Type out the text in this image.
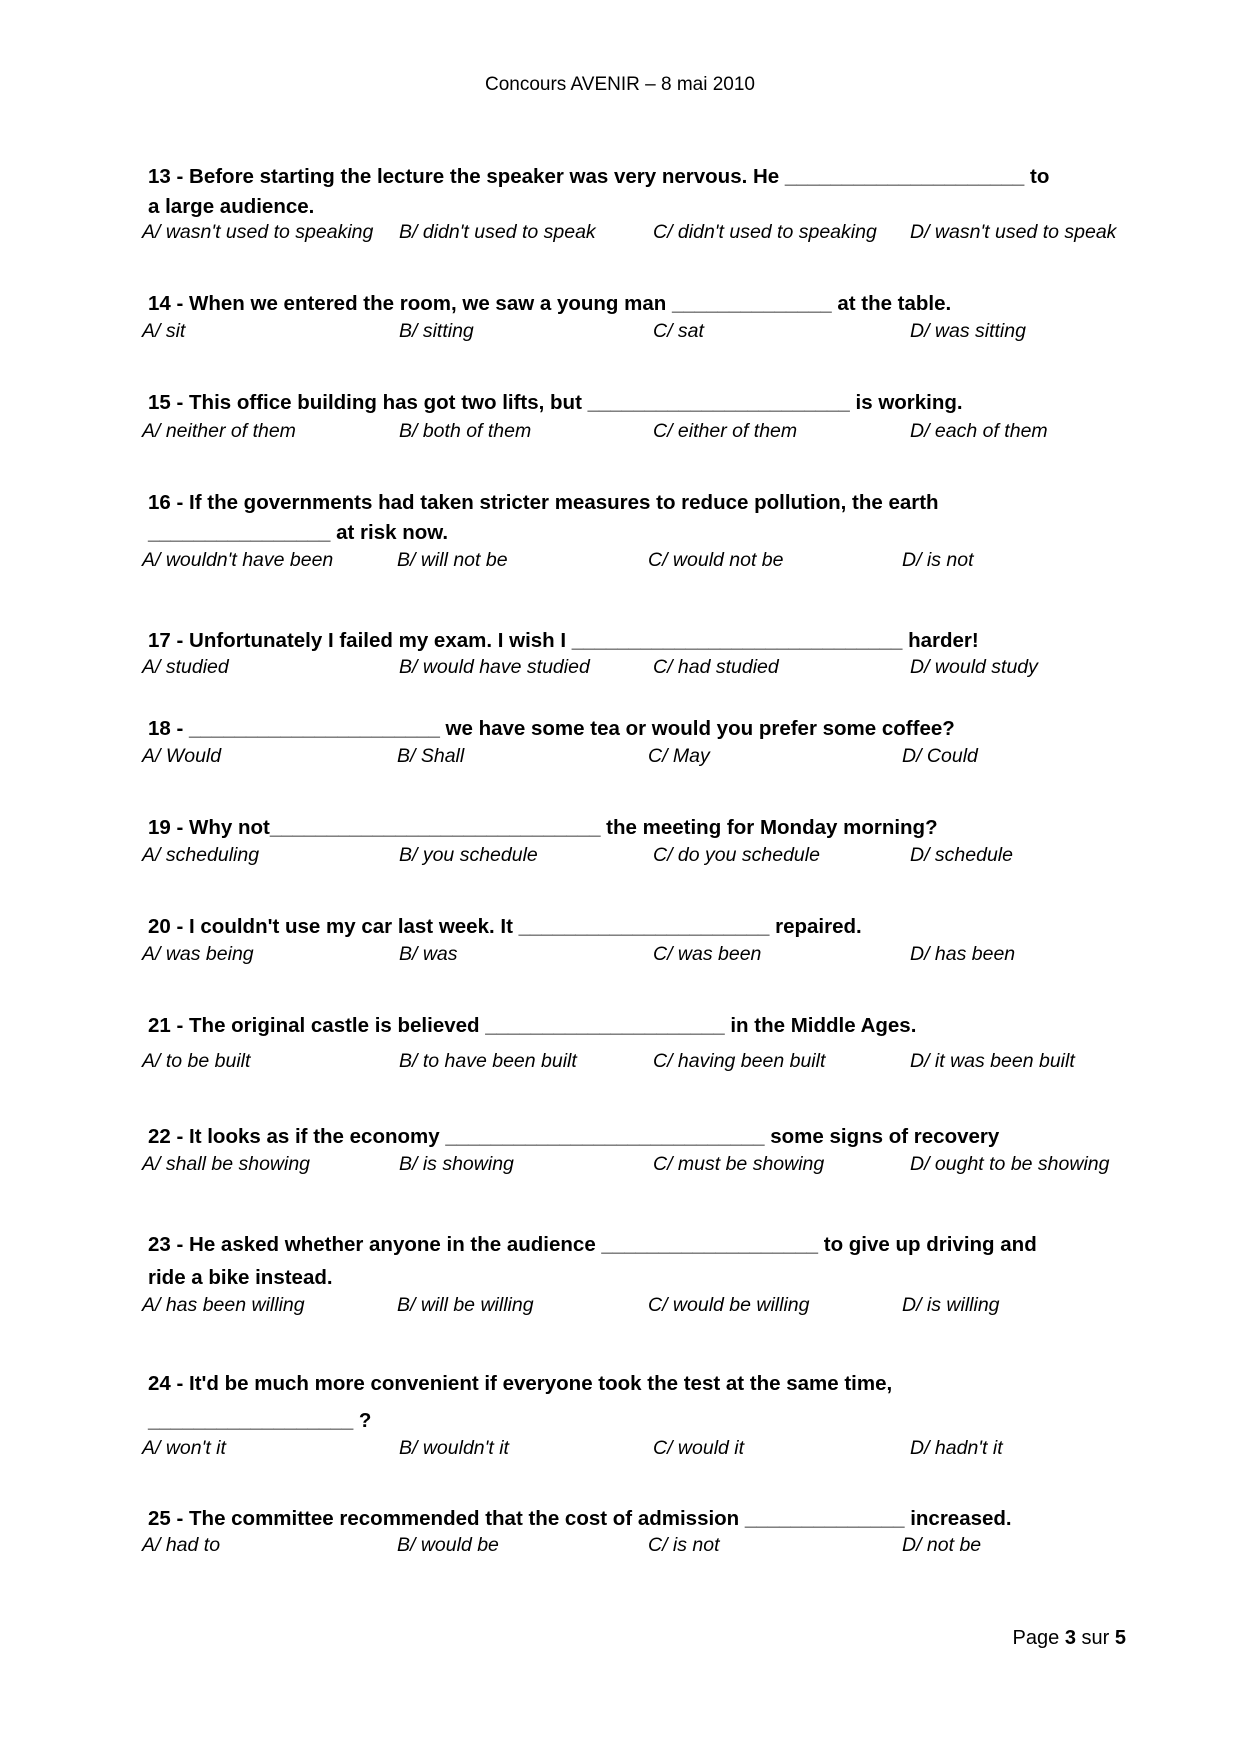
Concours AVENIR – 8 mai 2010
13 - Before starting the lecture the speaker was very nervous. He _____________________ to
a large audience.
A/ wasn't used to speaking B/ didn't used to speak	C/ didn't used to speaking D/ wasn't used to speak
14 - When we entered the room, we saw a young man ______________ at the table.
A/ sit	B/ sitting	C/ sat	D/ was sitting
15 - This office building has got two lifts, but _______________________ is working.
A/ neither of them	B/ both of them	C/ either of them	D/ each of them
16 - If the governments had taken stricter measures to reduce pollution, the earth
________________ at risk now.
A/ wouldn't have been	B/ will not be	C/ would not be	D/ is not
17 - Unfortunately I failed my exam. I wish I _____________________________ harder!
A/ studied	B/ would have studied	C/ had studied	D/ would study
18 - ______________________ we have some tea or would you prefer some coffee?
A/ Would	B/ Shall	C/ May	D/ Could
19 - Why not_____________________________ the meeting for Monday morning?
A/ scheduling	B/ you schedule	C/ do you schedule	D/ schedule
20 - I couldn't use my car last week. It ______________________ repaired.
A/ was being	B/ was	C/ was been	D/ has been
21 - The original castle is believed _____________________ in the Middle Ages.
A/ to be built	B/ to have been built	C/ having been built	D/ it was been built
22 - It looks as if the economy ____________________________ some signs of recovery
A/ shall be showing	B/ is showing	C/ must be showing	D/ ought to be showing
23 - He asked whether anyone in the audience ___________________ to give up driving and
ride a bike instead.
A/ has been willing	B/ will be willing	C/ would be willing	D/ is willing
24 - It'd be much more convenient if everyone took the test at the same time,
__________________ ?
A/ won't it	B/ wouldn't it	C/ would it	D/ hadn't it
25 - The committee recommended that the cost of admission ______________ increased.
A/ had to	B/ would be	C/ is not	D/ not be
Page 3 sur 5
